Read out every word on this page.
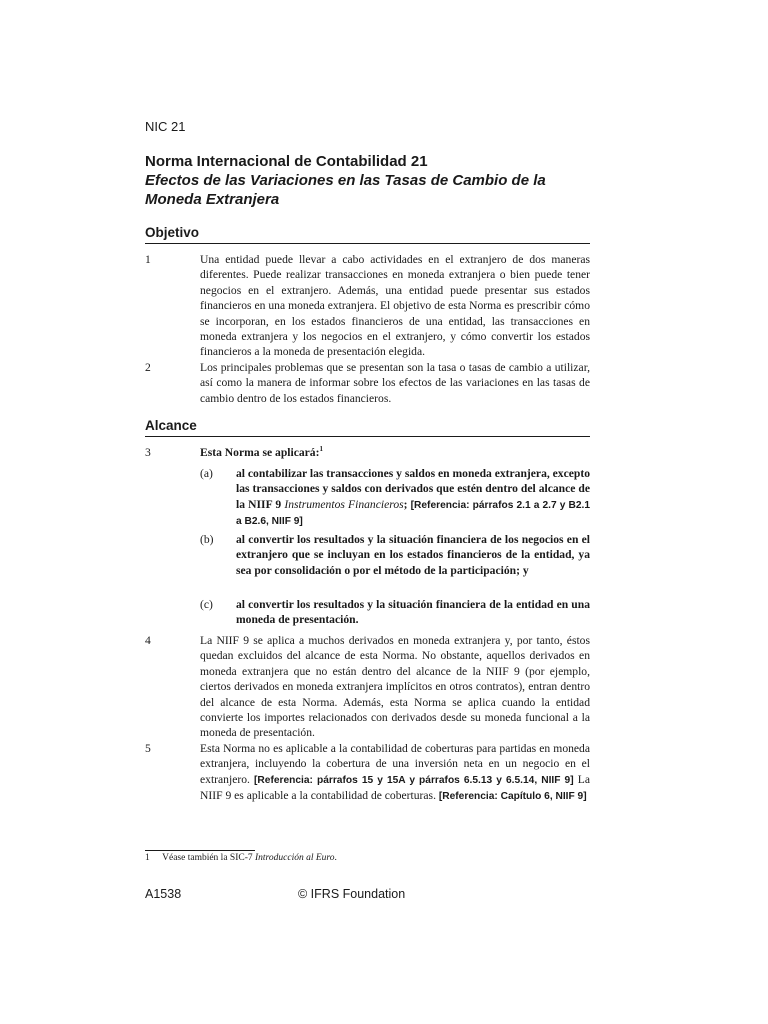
NIC 21
Norma Internacional de Contabilidad 21
Efectos de las Variaciones en las Tasas de Cambio de la Moneda Extranjera
Objetivo
1	Una entidad puede llevar a cabo actividades en el extranjero de dos maneras diferentes. Puede realizar transacciones en moneda extranjera o bien puede tener negocios en el extranjero. Además, una entidad puede presentar sus estados financieros en una moneda extranjera. El objetivo de esta Norma es prescribir cómo se incorporan, en los estados financieros de una entidad, las transacciones en moneda extranjera y los negocios en el extranjero, y cómo convertir los estados financieros a la moneda de presentación elegida.
2	Los principales problemas que se presentan son la tasa o tasas de cambio a utilizar, así como la manera de informar sobre los efectos de las variaciones en las tasas de cambio dentro de los estados financieros.
Alcance
3	Esta Norma se aplicará:$^1$
(a) al contabilizar las transacciones y saldos en moneda extranjera, excepto las transacciones y saldos con derivados que estén dentro del alcance de la NIIF 9 Instrumentos Financieros; [Referencia: párrafos 2.1 a 2.7 y B2.1 a B2.6, NIIF 9]
(b) al convertir los resultados y la situación financiera de los negocios en el extranjero que se incluyan en los estados financieros de la entidad, ya sea por consolidación o por el método de la participación; y
(c) al convertir los resultados y la situación financiera de la entidad en una moneda de presentación.
4	La NIIF 9 se aplica a muchos derivados en moneda extranjera y, por tanto, éstos quedan excluidos del alcance de esta Norma. No obstante, aquellos derivados en moneda extranjera que no están dentro del alcance de la NIIF 9 (por ejemplo, ciertos derivados en moneda extranjera implícitos en otros contratos), entran dentro del alcance de esta Norma. Además, esta Norma se aplica cuando la entidad convierte los importes relacionados con derivados desde su moneda funcional a la moneda de presentación.
5	Esta Norma no es aplicable a la contabilidad de coberturas para partidas en moneda extranjera, incluyendo la cobertura de una inversión neta en un negocio en el extranjero. [Referencia: párrafos 15 y 15A y párrafos 6.5.13 y 6.5.14, NIIF 9] La NIIF 9 es aplicable a la contabilidad de coberturas. [Referencia: Capítulo 6, NIIF 9]
1 Véase también la SIC-7 Introducción al Euro.
A1538	© IFRS Foundation
